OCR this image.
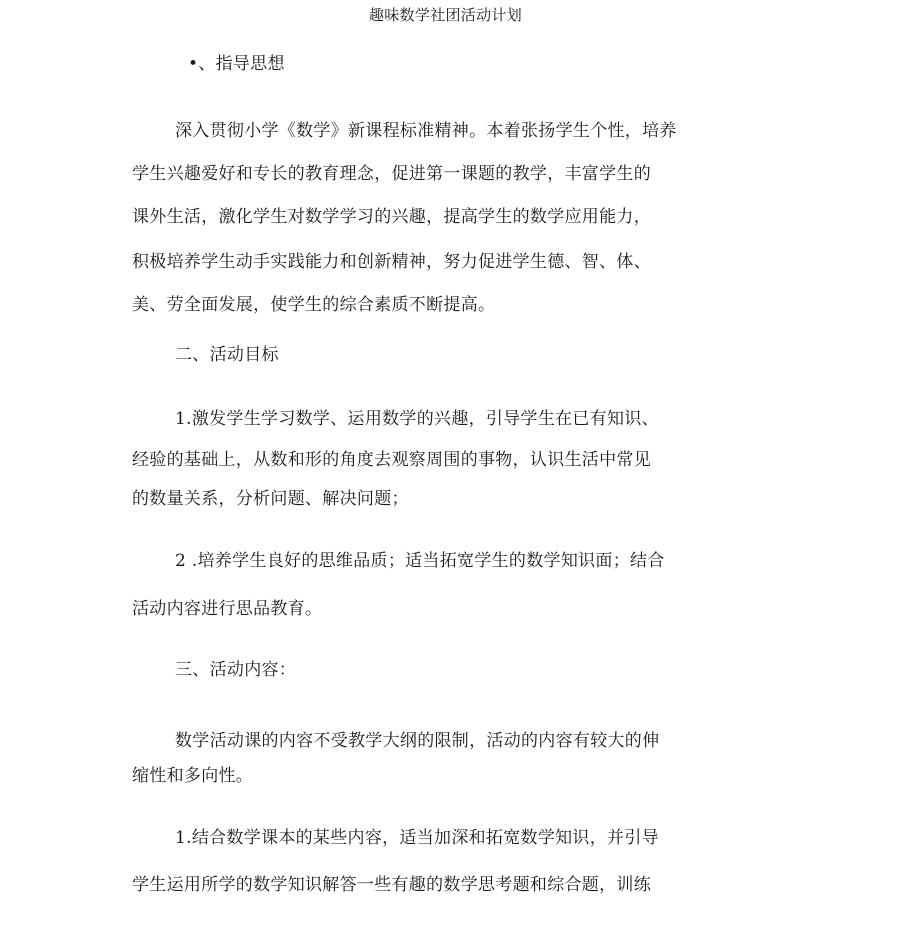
趣味数学社团活动计划
•、指导思想
深入贯彻小学《数学》新课程标准精神。本着张扬学生个性，培养
学生兴趣爱好和专长的教育理念，促进第一课题的教学，丰富学生的
课外生活，激化学生对数学学习的兴趣，提高学生的数学应用能力，
积极培养学生动手实践能力和创新精神，努力促进学生德、智、体、
美、劳全面发展，使学生的综合素质不断提高。
二、活动目标
1.激发学生学习数学、运用数学的兴趣，引导学生在已有知识、
经验的基础上，从数和形的角度去观察周围的事物，认识生活中常见
的数量关系，分析问题、解决问题；
2 .培养学生良好的思维品质；适当拓宽学生的数学知识面；结合
活动内容进行思品教育。
三、活动内容：
数学活动课的内容不受教学大纲的限制，活动的内容有较大的伸
缩性和多向性。
1.结合数学课本的某些内容，适当加深和拓宽数学知识，并引导
学生运用所学的数学知识解答一些有趣的数学思考题和综合题，训练
